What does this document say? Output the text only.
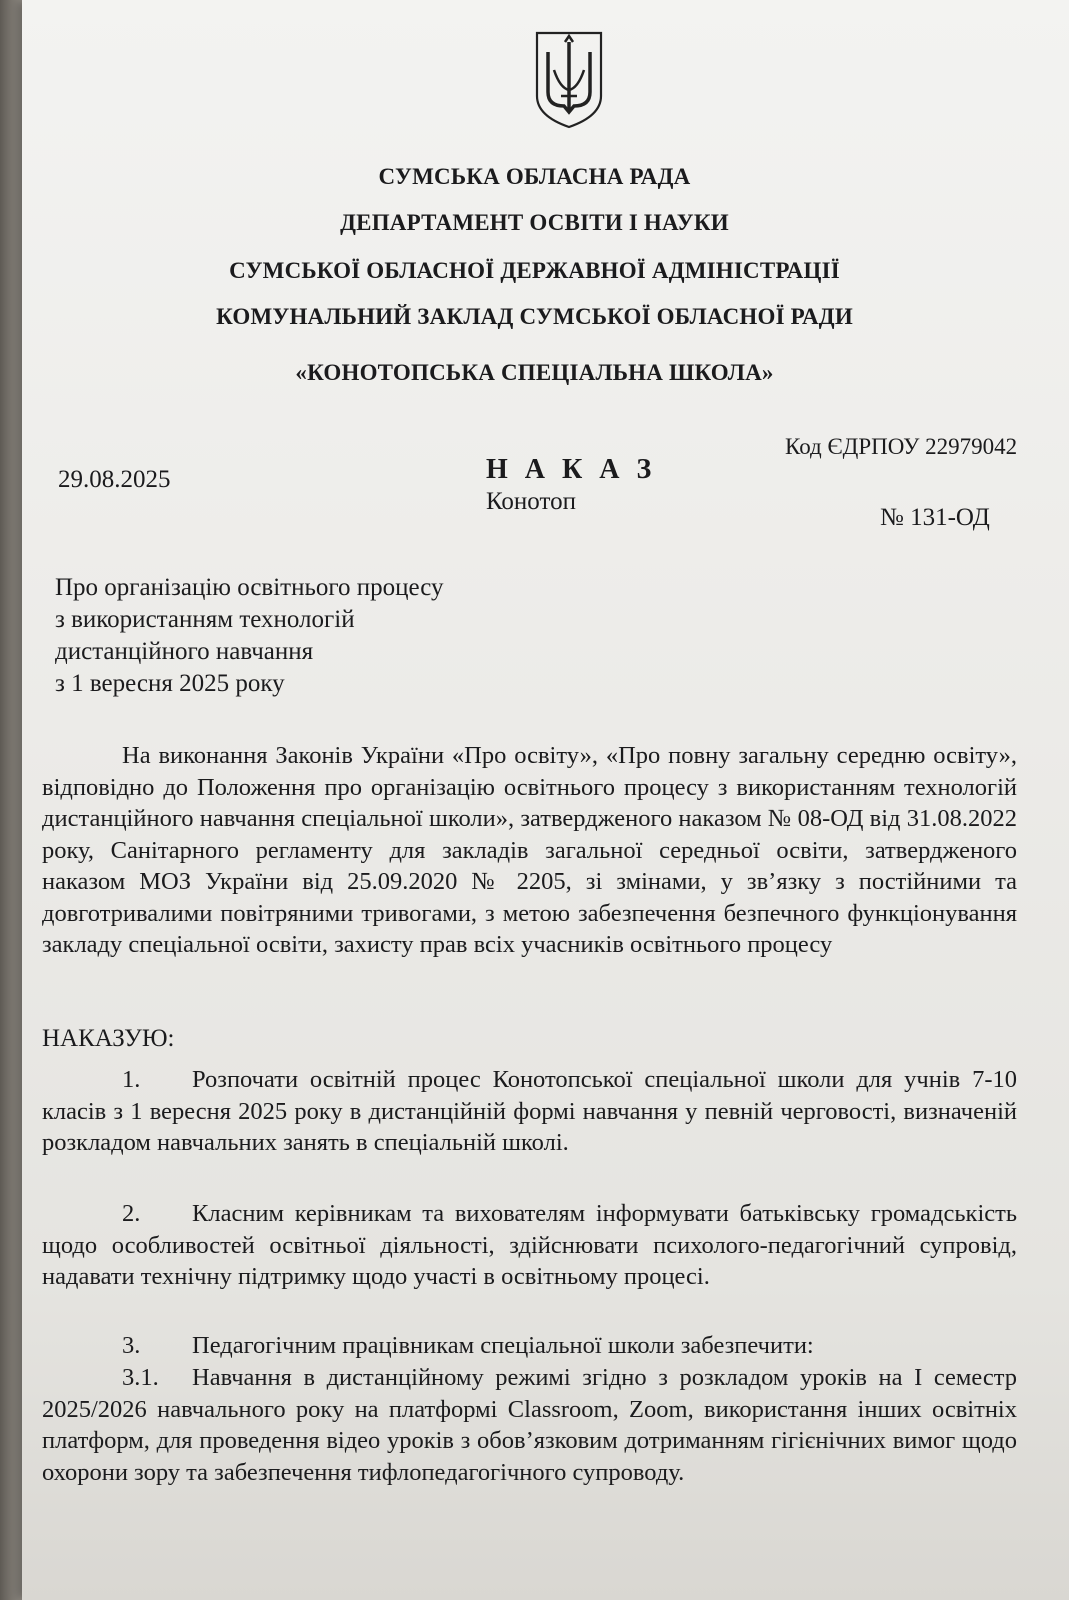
СУМСЬКА ОБЛАСНА РАДА
ДЕПАРТАМЕНТ ОСВІТИ І НАУКИ
СУМСЬКОЇ ОБЛАСНОЇ ДЕРЖАВНОЇ АДМІНІСТРАЦІЇ
КОМУНАЛЬНИЙ ЗАКЛАД СУМСЬКОЇ ОБЛАСНОЇ РАДИ
«КОНОТОПСЬКА СПЕЦІАЛЬНА ШКОЛА»
Код ЄДРПОУ 22979042
Н А К А З
29.08.2025
Конотоп
№ 131-ОД
Про організацію освітнього процесу
з використанням технологій
дистанційного навчання
з 1 вересня 2025 року

На виконання Законів України «Про освіту», «Про повну загальну середню освіту», відповідно до Положення про організацію освітнього процесу з використанням технологій дистанційного навчання спеціальної школи», затвердженого наказом № 08-ОД від 31.08.2022 року, Санітарного регламенту для закладів загальної середньої освіти, затвердженого наказом МОЗ України від 25.09.2020 № 2205, зі змінами, у зв’язку з постійними та довготривалими повітряними тривогами, з метою забезпечення безпечного функціонування закладу спеціальної освіти, захисту прав всіх учасників освітнього процесу

НАКАЗУЮ:

1. Розпочати освітній процес Конотопської спеціальної школи для учнів 7-10 класів з 1 вересня 2025 року в дистанційній формі навчання у певній черговості, визначеній розкладом навчальних занять в спеціальній школі.

2. Класним керівникам та вихователям інформувати батьківську громадськість щодо особливостей освітньої діяльності, здійснювати психолого-педагогічний супровід, надавати технічну підтримку щодо участі в освітньому процесі.

3. Педагогічним працівникам спеціальної школи забезпечити:

3.1. Навчання в дистанційному режимі згідно з розкладом уроків на I семестр 2025/2026 навчального року на платформі Classroom, Zoom, використання інших освітніх платформ, для проведення відео уроків з обов’язковим дотриманням гігієнічних вимог щодо охорони зору та забезпечення тифлопедагогічного супроводу.
